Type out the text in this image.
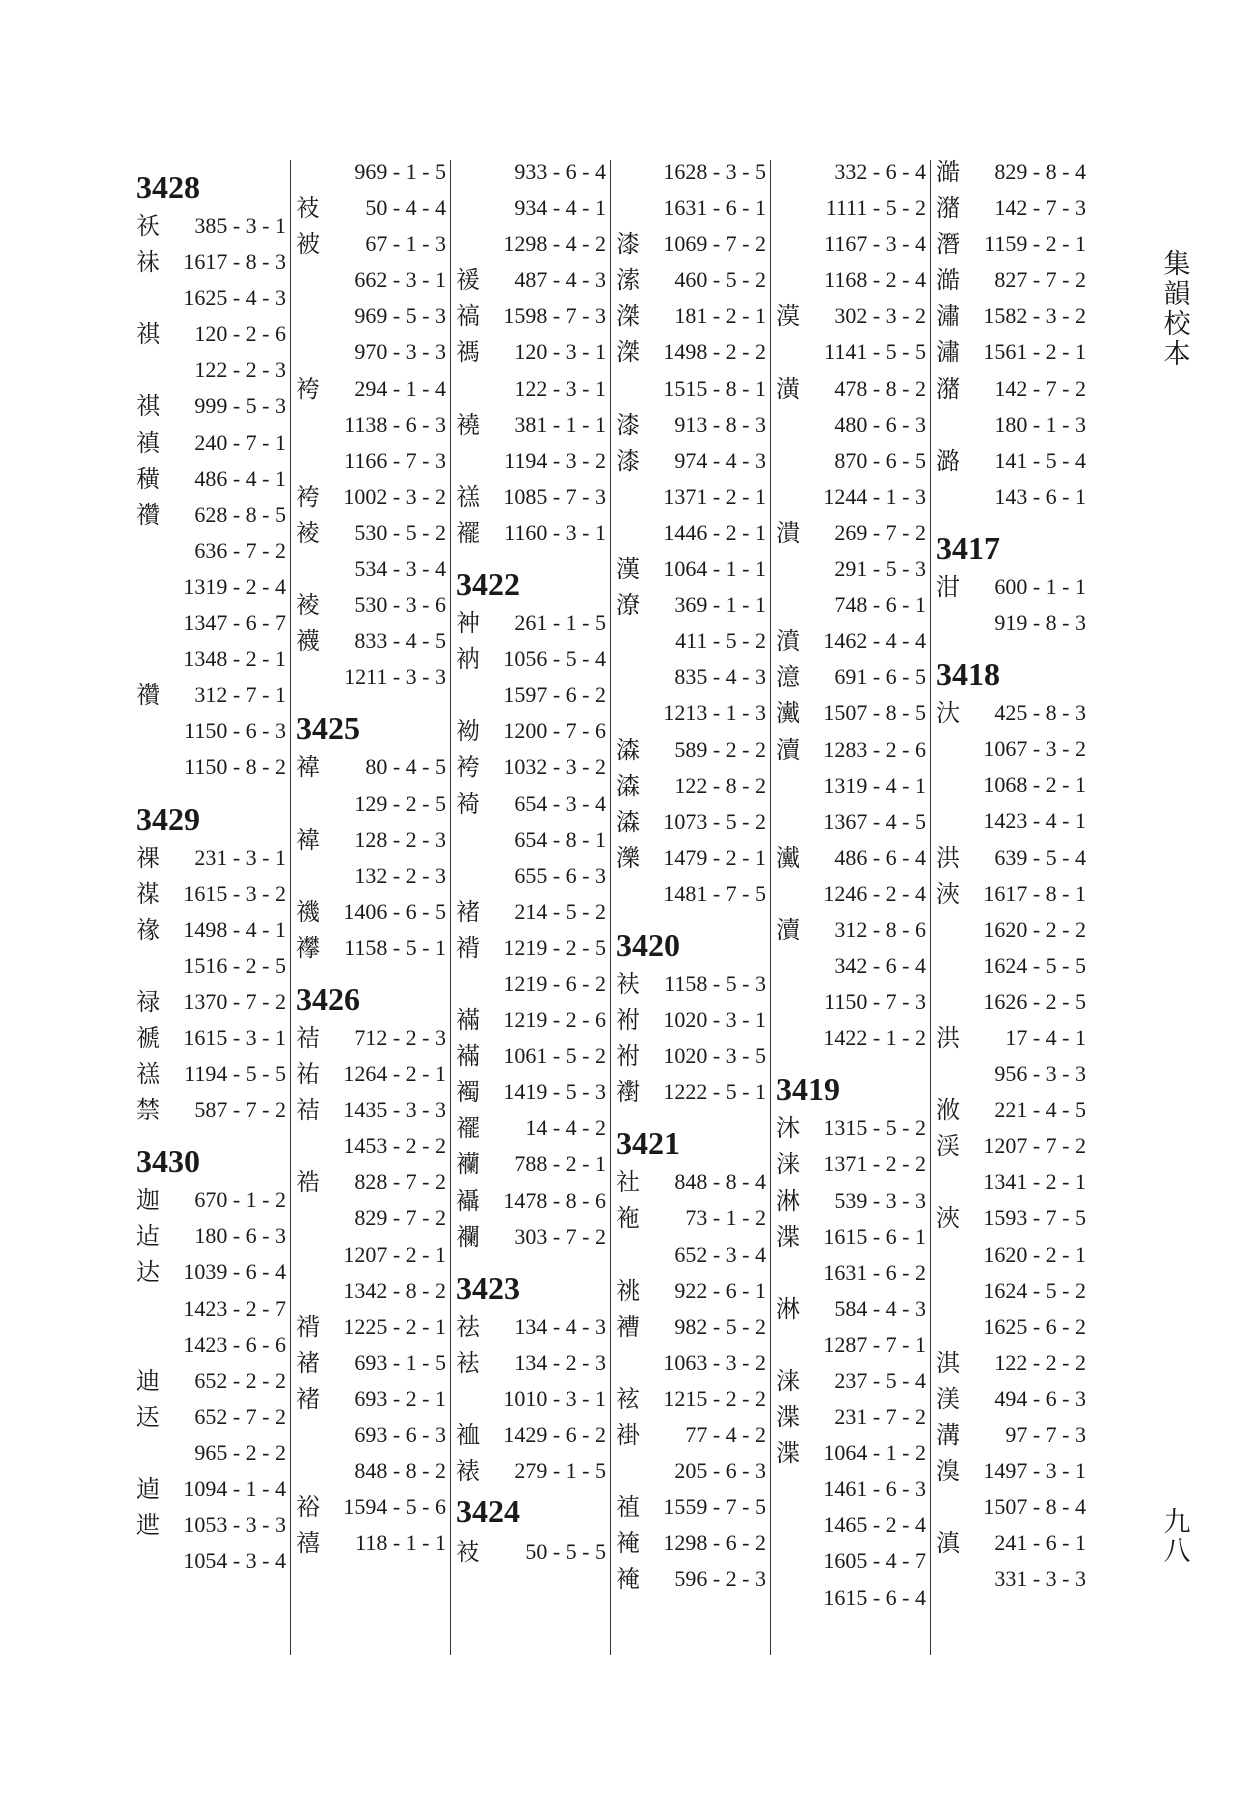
3428
祅 385 - 3 - 1
祙 1617 - 8 - 3
1625 - 4 - 3
祺 120 - 2 - 6
122 - 2 - 3
祺 999 - 5 - 3
禛 240 - 7 - 1
穔 486 - 4 - 1
禶 628 - 8 - 5
636 - 7 - 2
1319 - 2 - 4
1347 - 6 - 7
1348 - 2 - 1
禶 312 - 7 - 1
1150 - 6 - 3
1150 - 8 - 2
3429
祼 231 - 3 - 1
禖 1615 - 3 - 2
禒 1498 - 4 - 1
1516 - 2 - 5
禄 1370 - 7 - 2
禠 1615 - 3 - 1
禚 1194 - 5 - 5
禁 587 - 7 - 2
3430
迦 670 - 1 - 2
迠 180 - 6 - 3
达 1039 - 6 - 4
1423 - 2 - 7
1423 - 6 - 6
迪 652 - 2 - 2
迗 652 - 7 - 2
965 - 2 - 2
逌 1094 - 1 - 4
迣 1053 - 3 - 3
1054 - 3 - 4
969 - 1 - 5
衼 50 - 4 - 4
被 67 - 1 - 3
662 - 3 - 1
969 - 5 - 3
970 - 3 - 3
袴 294 - 1 - 4
1138 - 6 - 3
1166 - 7 - 3
袴 1002 - 3 - 2
裬 530 - 5 - 2
534 - 3 - 4
裬 530 - 3 - 6
襪 833 - 4 - 5
1211 - 3 - 3
3425
褘 80 - 4 - 5
129 - 2 - 5
褘 128 - 2 - 3
132 - 2 - 3
禨 1406 - 6 - 5
襻 1158 - 5 - 1
3426
祮 712 - 2 - 3
祐 1264 - 2 - 1
祮 1435 - 3 - 3
1453 - 2 - 2
祰 828 - 7 - 2
829 - 7 - 2
1207 - 2 - 1
1342 - 8 - 2
禙 1225 - 2 - 1
禇 693 - 1 - 5
褚 693 - 2 - 1
693 - 6 - 3
848 - 8 - 2
裕 1594 - 5 - 6
禧 118 - 1 - 1
933 - 6 - 4
934 - 4 - 1
1298 - 4 - 2
禐 487 - 4 - 3
禞 1598 - 7 - 3
禡 120 - 3 - 1
122 - 3 - 1
襓 381 - 1 - 1
1194 - 3 - 2
禚 1085 - 7 - 3
襬 1160 - 3 - 1
3422
衶 261 - 1 - 5
衲 1056 - 5 - 4
1597 - 6 - 2
袎 1200 - 7 - 6
袴 1032 - 3 - 2
裿 654 - 3 - 4
654 - 8 - 1
655 - 6 - 3
褚 214 - 5 - 2
褙 1219 - 2 - 5
1219 - 6 - 2
襔 1219 - 2 - 6
襔 1061 - 5 - 2
襡 1419 - 5 - 3
襬 14 - 4 - 2
襽 788 - 2 - 1
襵 1478 - 8 - 6
襴 303 - 7 - 2
3423
祛 134 - 4 - 3
袪 134 - 2 - 3
1010 - 3 - 1
裇 1429 - 6 - 2
裱 279 - 1 - 5
3424
衼 50 - 5 - 5
1628 - 3 - 5
1631 - 6 - 1
漆 1069 - 7 - 2
溹 460 - 5 - 2
滐 181 - 2 - 1
滐 1498 - 2 - 2
1515 - 8 - 1
漆 913 - 8 - 3
漆 974 - 4 - 3
1371 - 2 - 1
1446 - 2 - 1
漢 1064 - 1 - 1
潦 369 - 1 - 1
411 - 5 - 2
835 - 4 - 3
1213 - 1 - 3
潹 589 - 2 - 2
潹 122 - 8 - 2
潹 1073 - 5 - 2
濼 1479 - 2 - 1
1481 - 7 - 5
3420
衭 1158 - 5 - 3
袝 1020 - 3 - 1
袝 1020 - 3 - 5
襨 1222 - 5 - 1
3421
社 848 - 8 - 4
袘 73 - 1 - 2
652 - 3 - 4
祧 922 - 6 - 1
褿 982 - 5 - 2
1063 - 3 - 2
袨 1215 - 2 - 2
褂 77 - 4 - 2
205 - 6 - 3
禃 1559 - 7 - 5
裺 1298 - 6 - 2
裺 596 - 2 - 3
332 - 6 - 4
1111 - 5 - 2
1167 - 3 - 4
1168 - 2 - 4
漠 302 - 3 - 2
1141 - 5 - 5
潢 478 - 8 - 2
480 - 6 - 3
870 - 6 - 5
1244 - 1 - 3
潰 269 - 7 - 2
291 - 5 - 3
748 - 6 - 1
濆 1462 - 4 - 4
澺 691 - 6 - 5
瀻 1507 - 8 - 5
瀆 1283 - 2 - 6
1319 - 4 - 1
1367 - 4 - 5
瀻 486 - 6 - 4
1246 - 2 - 4
瀆 312 - 8 - 6
342 - 6 - 4
1150 - 7 - 3
1422 - 1 - 2
3419
沐 1315 - 5 - 2
涞 1371 - 2 - 2
淋 539 - 3 - 3
渫 1615 - 6 - 1
1631 - 6 - 2
淋 584 - 4 - 3
1287 - 7 - 1
涞 237 - 5 - 4
渫 231 - 7 - 2
渫 1064 - 1 - 2
1461 - 6 - 3
1465 - 2 - 4
1605 - 4 - 7
1615 - 6 - 4
澔 829 - 8 - 4
潴 142 - 7 - 3
潛 1159 - 2 - 1
澔 827 - 7 - 2
潚 1582 - 3 - 2
潚 1561 - 2 - 1
潴 142 - 7 - 2
180 - 1 - 3
潞 141 - 5 - 4
143 - 6 - 1
3417
泔 600 - 1 - 1
919 - 8 - 3
3418
汏 425 - 8 - 3
1067 - 3 - 2
1068 - 2 - 1
1423 - 4 - 1
洪 639 - 5 - 4
浹 1617 - 8 - 1
1620 - 2 - 2
1624 - 5 - 5
1626 - 2 - 5
洪 17 - 4 - 1
956 - 3 - 3
浟 221 - 4 - 5
渓 1207 - 7 - 2
1341 - 2 - 1
浹 1593 - 7 - 5
1620 - 2 - 1
1624 - 5 - 2
1625 - 6 - 2
淇 122 - 2 - 2
渼 494 - 6 - 3
溝 97 - 7 - 3
溴 1497 - 3 - 1
1507 - 8 - 4
滇 241 - 6 - 1
331 - 3 - 3
集
韻
校
本
九
八
